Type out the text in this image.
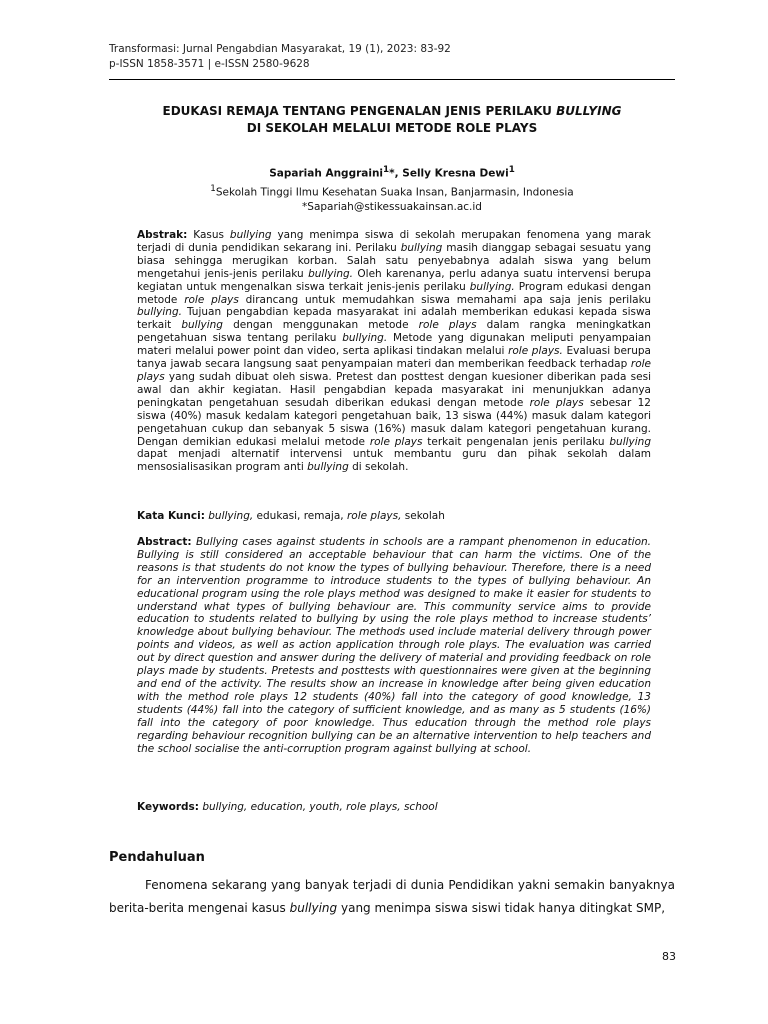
Transformasi: Jurnal Pengabdian Masyarakat, 19 (1), 2023: 83-92
p-ISSN 1858-3571 | e-ISSN 2580-9628
EDUKASI REMAJA TENTANG PENGENALAN JENIS PERILAKU BULLYING
DI SEKOLAH MELALUI METODE ROLE PLAYS
Sapariah Anggraini$^1$*, Selly Kresna Dewi$^1$
$^1$Sekolah Tinggi Ilmu Kesehatan Suaka Insan, Banjarmasin, Indonesia
*Sapariah@stikessuakainsan.ac.id
Abstrak: Kasus bullying yang menimpa siswa di sekolah merupakan fenomena yang marak terjadi di dunia pendidikan sekarang ini. Perilaku bullying masih dianggap sebagai sesuatu yang biasa sehingga merugikan korban. Salah satu penyebabnya adalah siswa yang belum mengetahui jenis-jenis perilaku bullying. Oleh karenanya, perlu adanya suatu intervensi berupa kegiatan untuk mengenalkan siswa terkait jenis-jenis perilaku bullying. Program edukasi dengan metode role plays dirancang untuk memudahkan siswa memahami apa saja jenis perilaku bullying. Tujuan pengabdian kepada masyarakat ini adalah memberikan edukasi kepada siswa terkait bullying dengan menggunakan metode role plays dalam rangka meningkatkan pengetahuan siswa tentang perilaku bullying. Metode yang digunakan meliputi penyampaian materi melalui power point dan video, serta aplikasi tindakan melalui role plays. Evaluasi berupa tanya jawab secara langsung saat penyampaian materi dan memberikan feedback terhadap role plays yang sudah dibuat oleh siswa. Pretest dan posttest dengan kuesioner diberikan pada sesi awal dan akhir kegiatan. Hasil pengabdian kepada masyarakat ini menunjukkan adanya peningkatan pengetahuan sesudah diberikan edukasi dengan metode role plays sebesar 12 siswa (40%) masuk kedalam kategori pengetahuan baik, 13 siswa (44%) masuk dalam kategori pengetahuan cukup dan sebanyak 5 siswa (16%) masuk dalam kategori pengetahuan kurang. Dengan demikian edukasi melalui metode role plays terkait pengenalan jenis perilaku bullying dapat menjadi alternatif intervensi untuk membantu guru dan pihak sekolah dalam mensosialisasikan program anti bullying di sekolah.
Kata Kunci: bullying, edukasi, remaja, role plays, sekolah
Abstract: Bullying cases against students in schools are a rampant phenomenon in education. Bullying is still considered an acceptable behaviour that can harm the victims. One of the reasons is that students do not know the types of bullying behaviour. Therefore, there is a need for an intervention programme to introduce students to the types of bullying behaviour. An educational program using the role plays method was designed to make it easier for students to understand what types of bullying behaviour are. This community service aims to provide education to students related to bullying by using the role plays method to increase students’ knowledge about bullying behaviour. The methods used include material delivery through power points and videos, as well as action application through role plays. The evaluation was carried out by direct question and answer during the delivery of material and providing feedback on role plays made by students. Pretests and posttests with questionnaires were given at the beginning and end of the activity. The results show an increase in knowledge after being given education with the method role plays 12 students (40%) fall into the category of good knowledge, 13 students (44%) fall into the category of sufficient knowledge, and as many as 5 students (16%) fall into the category of poor knowledge. Thus education through the method role plays regarding behaviour recognition bullying can be an alternative intervention to help teachers and the school socialise the anti-corruption program against bullying at school.
Keywords: bullying, education, youth, role plays, school
Pendahuluan
Fenomena sekarang yang banyak terjadi di dunia Pendidikan yakni semakin banyaknya berita-berita mengenai kasus bullying yang menimpa siswa siswi tidak hanya ditingkat SMP,
83
